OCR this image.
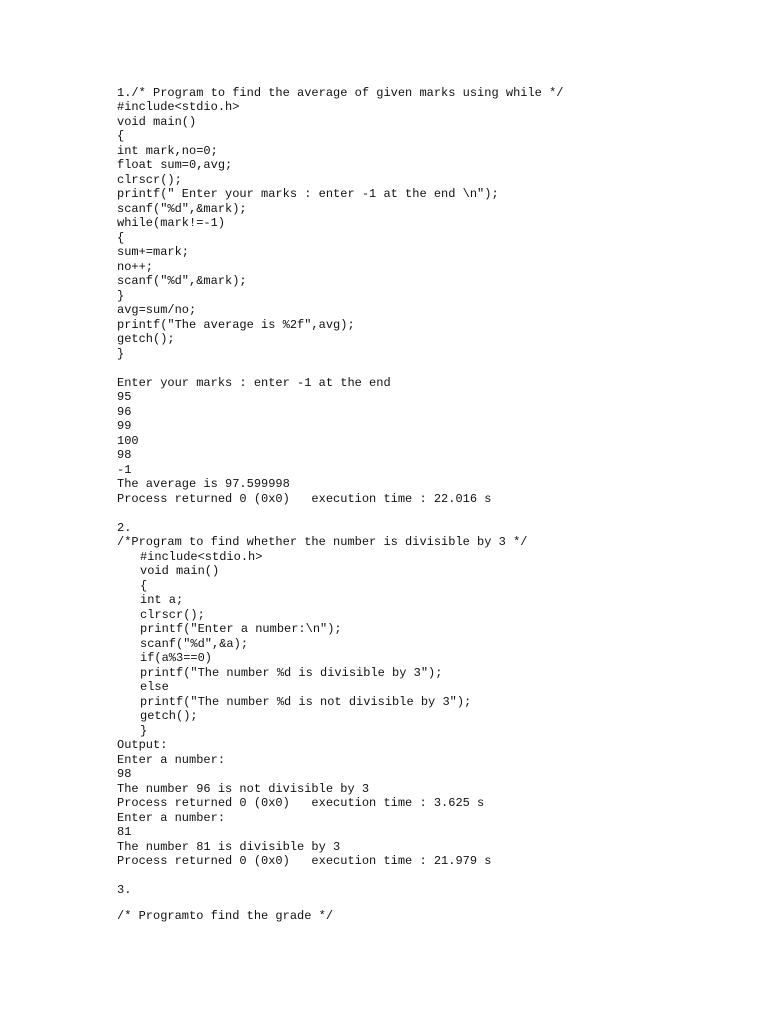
1./* Program to find the average of given marks using while */
#include<stdio.h>
void main()
{
int mark,no=0;
float sum=0,avg;
clrscr();
printf(" Enter your marks : enter -1 at the end \n");
scanf("%d",&mark);
while(mark!=-1)
{
sum+=mark;
no++;
scanf("%d",&mark);
}
avg=sum/no;
printf("The average is %2f",avg);
getch();
}
Enter your marks : enter -1 at the end
95
96
99
100
98
-1
The average is 97.599998
Process returned 0 (0x0)   execution time : 22.016 s
2.
/*Program to find whether the number is divisible by 3 */
#include<stdio.h>
void main()
{
int a;
clrscr();
printf("Enter a number:\n");
scanf("%d",&a);
if(a%3==0)
printf("The number %d is divisible by 3");
else
printf("The number %d is not divisible by 3");
getch();
}
Output:
Enter a number:
98
The number 96 is not divisible by 3
Process returned 0 (0x0)   execution time : 3.625 s
Enter a number:
81
The number 81 is divisible by 3
Process returned 0 (0x0)   execution time : 21.979 s
3.
/* Programto find the grade */
